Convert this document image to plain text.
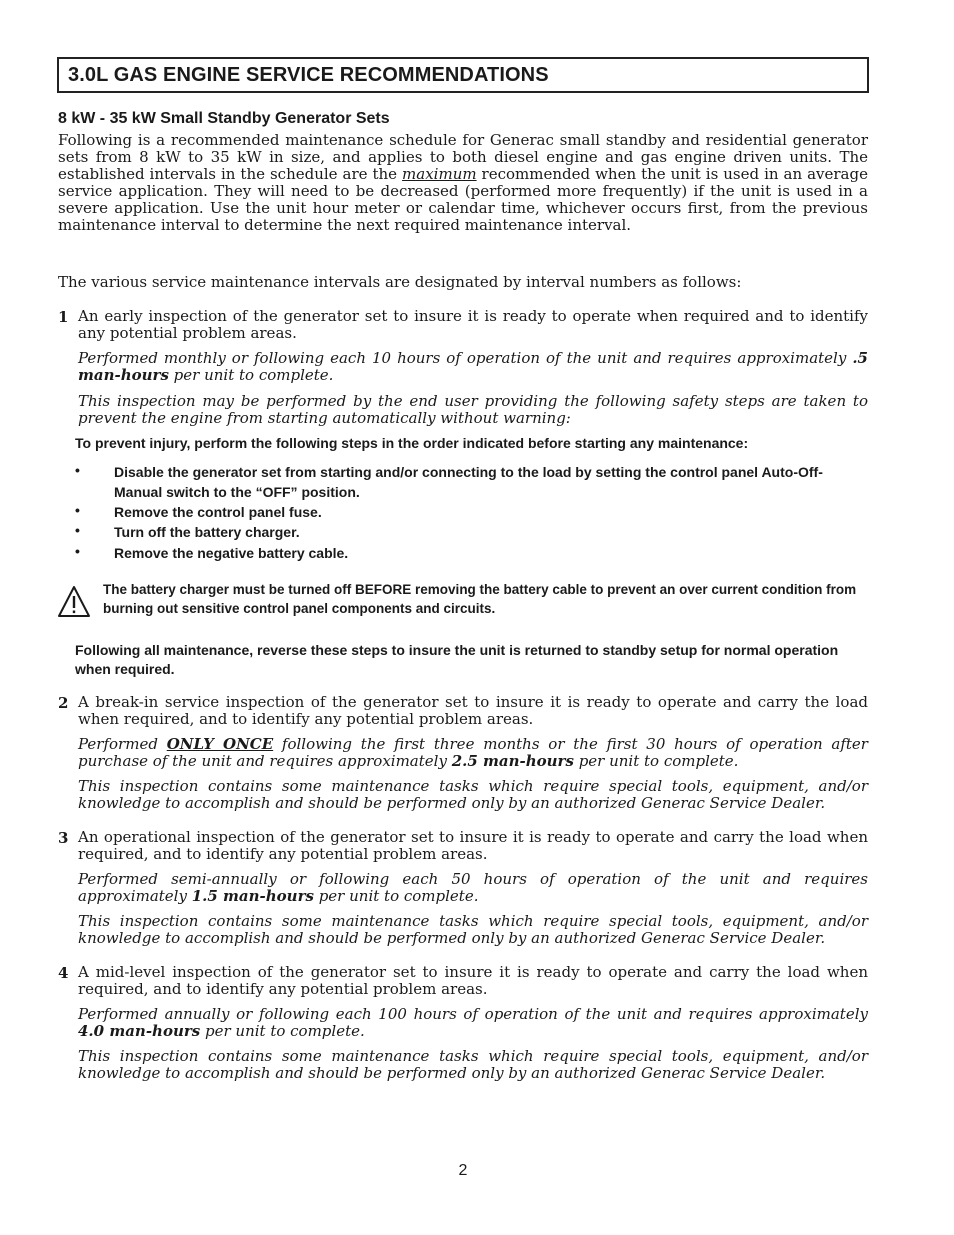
3.0L GAS ENGINE SERVICE RECOMMENDATIONS
8 kW - 35 kW Small Standby Generator Sets
Following is a recommended maintenance schedule for Generac small standby and residential generator sets from 8 kW to 35 kW in size, and applies to both diesel engine and gas engine driven units. The established intervals in the schedule are the maximum recommended when the unit is used in an average service application. They will need to be decreased (performed more frequently) if the unit is used in a severe application. Use the unit hour meter or calendar time, whichever occurs first, from the previous maintenance interval to determine the next required maintenance interval.
The various service maintenance intervals are designated by interval numbers as follows:
1 An early inspection of the generator set to insure it is ready to operate when required and to identify any potential problem areas.
Performed monthly or following each 10 hours of operation of the unit and requires approximately .5 man-hours per unit to complete.
This inspection may be performed by the end user providing the following safety steps are taken to prevent the engine from starting automatically without warning:
To prevent injury, perform the following steps in the order indicated before starting any maintenance:
• Disable the generator set from starting and/or connecting to the load by setting the control panel Auto-Off-Manual switch to the “OFF” position.
• Remove the control panel fuse.
• Turn off the battery charger.
• Remove the negative battery cable.
The battery charger must be turned off BEFORE removing the battery cable to prevent an over current condition from burning out sensitive control panel components and circuits.
Following all maintenance, reverse these steps to insure the unit is returned to standby setup for normal operation when required.
2 A break-in service inspection of the generator set to insure it is ready to operate and carry the load when required, and to identify any potential problem areas.
Performed ONLY ONCE following the first three months or the first 30 hours of operation after purchase of the unit and requires approximately 2.5 man-hours per unit to complete.
This inspection contains some maintenance tasks which require special tools, equipment, and/or knowledge to accomplish and should be performed only by an authorized Generac Service Dealer.
3 An operational inspection of the generator set to insure it is ready to operate and carry the load when required, and to identify any potential problem areas.
Performed semi-annually or following each 50 hours of operation of the unit and requires approximately 1.5 man-hours per unit to complete.
This inspection contains some maintenance tasks which require special tools, equipment, and/or knowledge to accomplish and should be performed only by an authorized Generac Service Dealer.
4 A mid-level inspection of the generator set to insure it is ready to operate and carry the load when required, and to identify any potential problem areas.
Performed annually or following each 100 hours of operation of the unit and requires approximately 4.0 man-hours per unit to complete.
This inspection contains some maintenance tasks which require special tools, equipment, and/or knowledge to accomplish and should be performed only by an authorized Generac Service Dealer.
2
